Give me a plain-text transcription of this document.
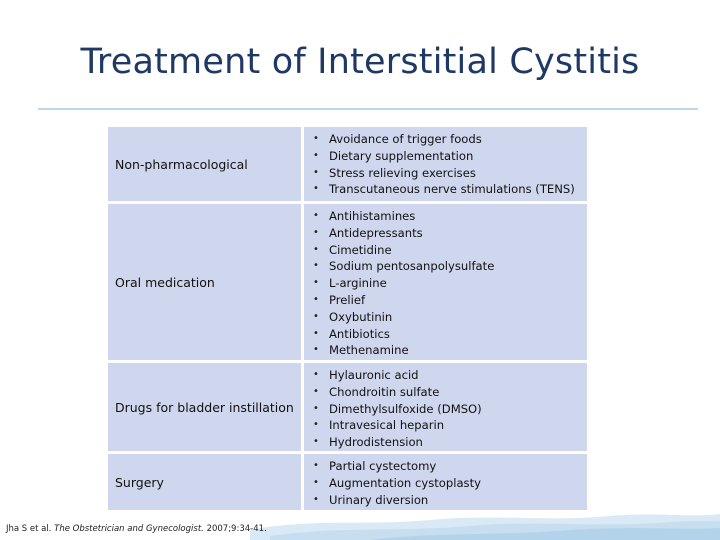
Treatment of Interstitial Cystitis
Non-pharmacological
• Avoidance of trigger foods
• Dietary supplementation
• Stress relieving exercises
• Transcutaneous nerve stimulations (TENS)
Oral medication
• Antihistamines
• Antidepressants
• Cimetidine
• Sodium pentosanpolysulfate
• L-arginine
• Prelief
• Oxybutinin
• Antibiotics
• Methenamine
Drugs for bladder instillation
• Hylauronic acid
• Chondroitin sulfate
• Dimethylsulfoxide (DMSO)
• Intravesical heparin
• Hydrodistension
Surgery
• Partial cystectomy
• Augmentation cystoplasty
• Urinary diversion
Jha S et al. The Obstetrician and Gynecologist. 2007;9:34-41.
